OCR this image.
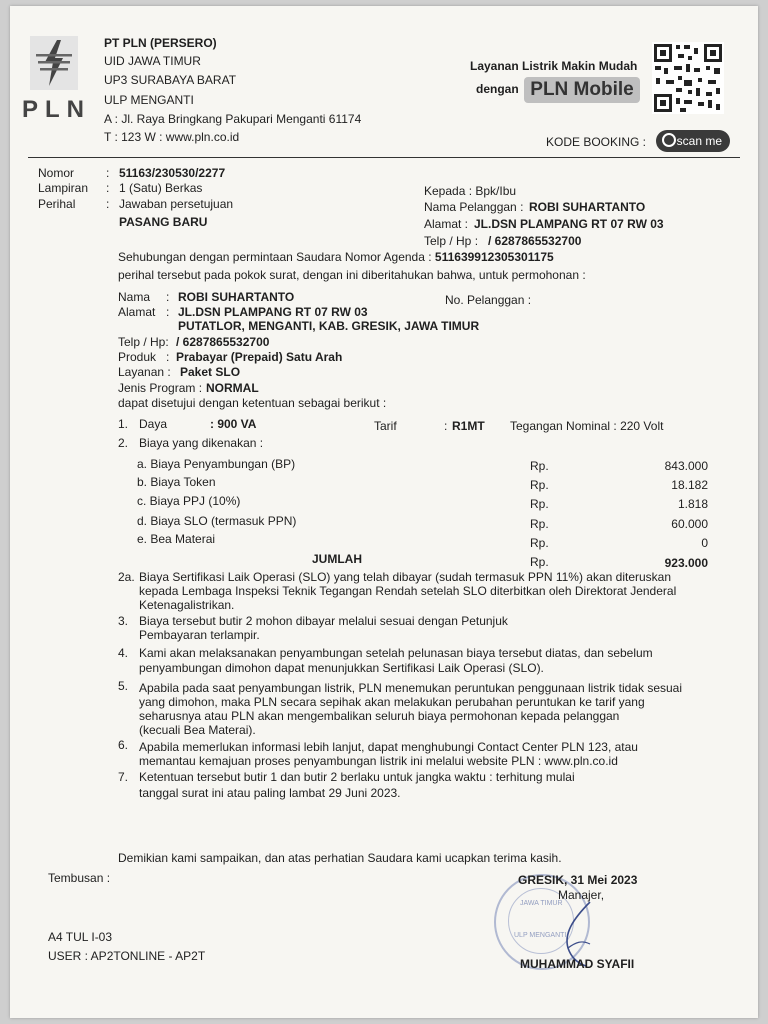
PLN
PT PLN (PERSERO)
UID JAWA TIMUR
UP3 SURABAYA BARAT
ULP MENGANTI
A : Jl. Raya Bringkang Pakupari Menganti 61174
T : 123 W : www.pln.co.id
Layanan Listrik Makin Mudah
dengan PLN Mobile
KODE BOOKING :	scan me
Nomor	: 51163/230530/2277
Lampiran : 1 (Satu) Berkas
Perihal	: Jawaban persetujuan
PASANG BARU
Kepada : Bpk/Ibu
Nama Pelanggan : ROBI SUHARTANTO
Alamat : JL.DSN PLAMPANG RT 07 RW 03
Telp / Hp : / 6287865532700
Sehubungan dengan permintaan Saudara Nomor Agenda : 511639912305301175
perihal tersebut pada pokok surat, dengan ini diberitahukan bahwa, untuk permohonan :
Nama : ROBI SUHARTANTO	No. Pelanggan :
Alamat : JL.DSN PLAMPANG RT 07 RW 03
PUTATLOR, MENGANTI, KAB. GRESIK, JAWA TIMUR
Telp / Hp: / 6287865532700
Produk : Prabayar (Prepaid) Satu Arah
Layanan : Paket SLO
Jenis Program : NORMAL
dapat disetujui dengan ketentuan sebagai berikut :
1. Daya	: 900 VA	Tarif	: R1MT Tegangan Nominal : 220 Volt
2. Biaya yang dikenakan :
a. Biaya Penyambungan (BP)	Rp.	843.000
b. Biaya Token	Rp.	18.182
c. Biaya PPJ (10%)	Rp.	1.818
d. Biaya SLO (termasuk PPN)	Rp.	60.000
e. Bea Materai	Rp.	0
JUMLAH	Rp.	923.000
2a. Biaya Sertifikasi Laik Operasi (SLO) yang telah dibayar (sudah termasuk PPN 11%) akan diteruskan
kepada Lembaga Inspeksi Teknik Tegangan Rendah setelah SLO diterbitkan oleh Direktorat Jenderal
Ketenagalistrikan.
3. Biaya tersebut butir 2 mohon dibayar melalui sesuai dengan Petunjuk
Pembayaran terlampir.
4. Kami akan melaksanakan penyambungan setelah pelunasan biaya tersebut diatas, dan sebelum
penyambungan dimohon dapat menunjukkan Sertifikasi Laik Operasi (SLO).
5. Apabila pada saat penyambungan listrik, PLN menemukan peruntukan penggunaan listrik tidak sesuai
yang dimohon, maka PLN secara sepihak akan melakukan perubahan peruntukan ke tarif yang
seharusnya atau PLN akan mengembalikan seluruh biaya permohonan kepada pelanggan
(kecuali Bea Materai).
6. Apabila memerlukan informasi lebih lanjut, dapat menghubungi Contact Center PLN 123, atau
memantau kemajuan proses penyambungan listrik ini melalui website PLN : www.pln.co.id
7. Ketentuan tersebut butir 1 dan butir 2 berlaku untuk jangka waktu : terhitung mulai
tanggal surat ini atau paling lambat 29 Juni 2023.
Demikian kami sampaikan, dan atas perhatian Saudara kami ucapkan terima kasih.
Tembusan :
JAWA TIMUR
ULP MENGANTI
GRESIK, 31 Mei 2023
Manajer,
MUHAMMAD SYAFII
A4 TUL I-03
USER : AP2TONLINE - AP2T
